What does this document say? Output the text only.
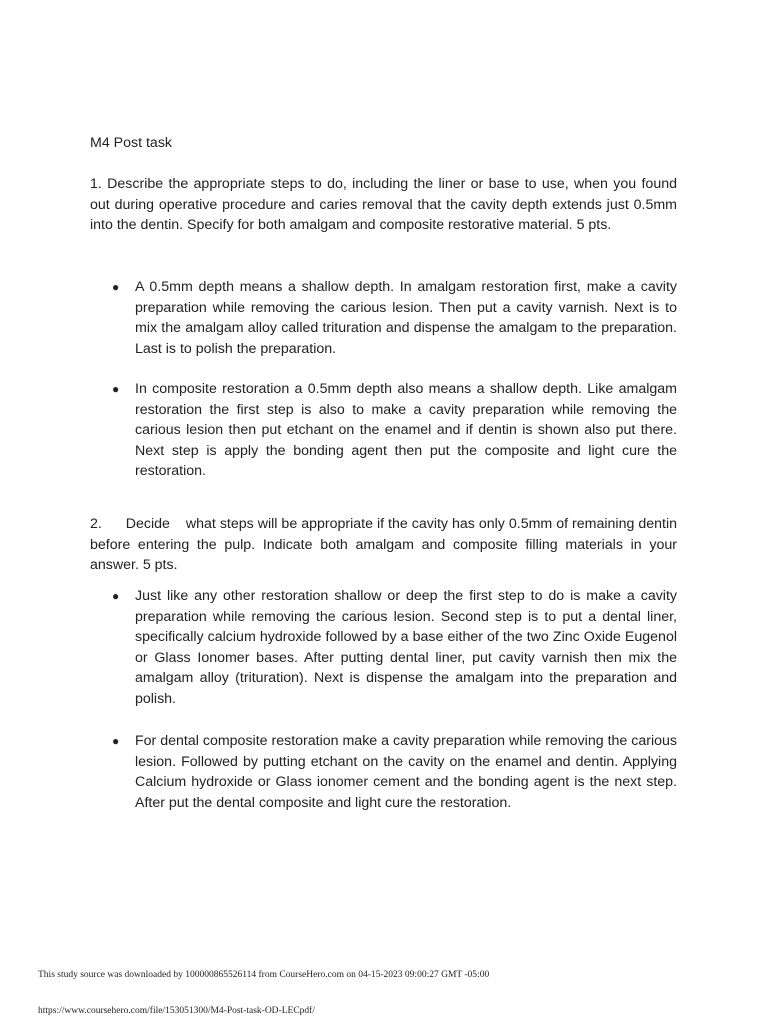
M4 Post task

1. Describe the appropriate steps to do, including the liner or base to use, when you found out during operative procedure and caries removal that the cavity depth extends just 0.5mm into the dentin. Specify for both amalgam and composite restorative material. 5 pts.

●	A 0.5mm depth means a shallow depth. In amalgam restoration first, make a cavity preparation while removing the carious lesion. Then put a cavity varnish. Next is to mix the amalgam alloy called trituration and dispense the amalgam to the preparation. Last is to polish the preparation.
●	In composite restoration a 0.5mm depth also means a shallow depth. Like amalgam restoration the first step is also to make a cavity preparation while removing the carious lesion then put etchant on the enamel and if dentin is shown also put there. Next step is apply the bonding agent then put the composite and light cure the restoration.

2.      Decide    what steps will be appropriate if the cavity has only 0.5mm of remaining dentin before entering the pulp. Indicate both amalgam and composite filling materials in your answer. 5 pts.

●	Just like any other restoration shallow or deep the first step to do is make a cavity preparation while removing the carious lesion. Second step is to put a dental liner, specifically calcium hydroxide followed by a base either of the two Zinc Oxide Eugenol or Glass Ionomer bases. After putting dental liner, put cavity varnish then mix the amalgam alloy (trituration). Next is dispense the amalgam into the preparation and polish.
●	For dental composite restoration make a cavity preparation while removing the carious lesion. Followed by putting etchant on the cavity on the enamel and dentin. Applying Calcium hydroxide or Glass ionomer cement and the bonding agent is the next step. After put the dental composite and light cure the restoration.
This study source was downloaded by 100000865526114 from CourseHero.com on 04-15-2023 09:00:27 GMT -05:00
https://www.coursehero.com/file/153051300/M4-Post-task-OD-LECpdf/
